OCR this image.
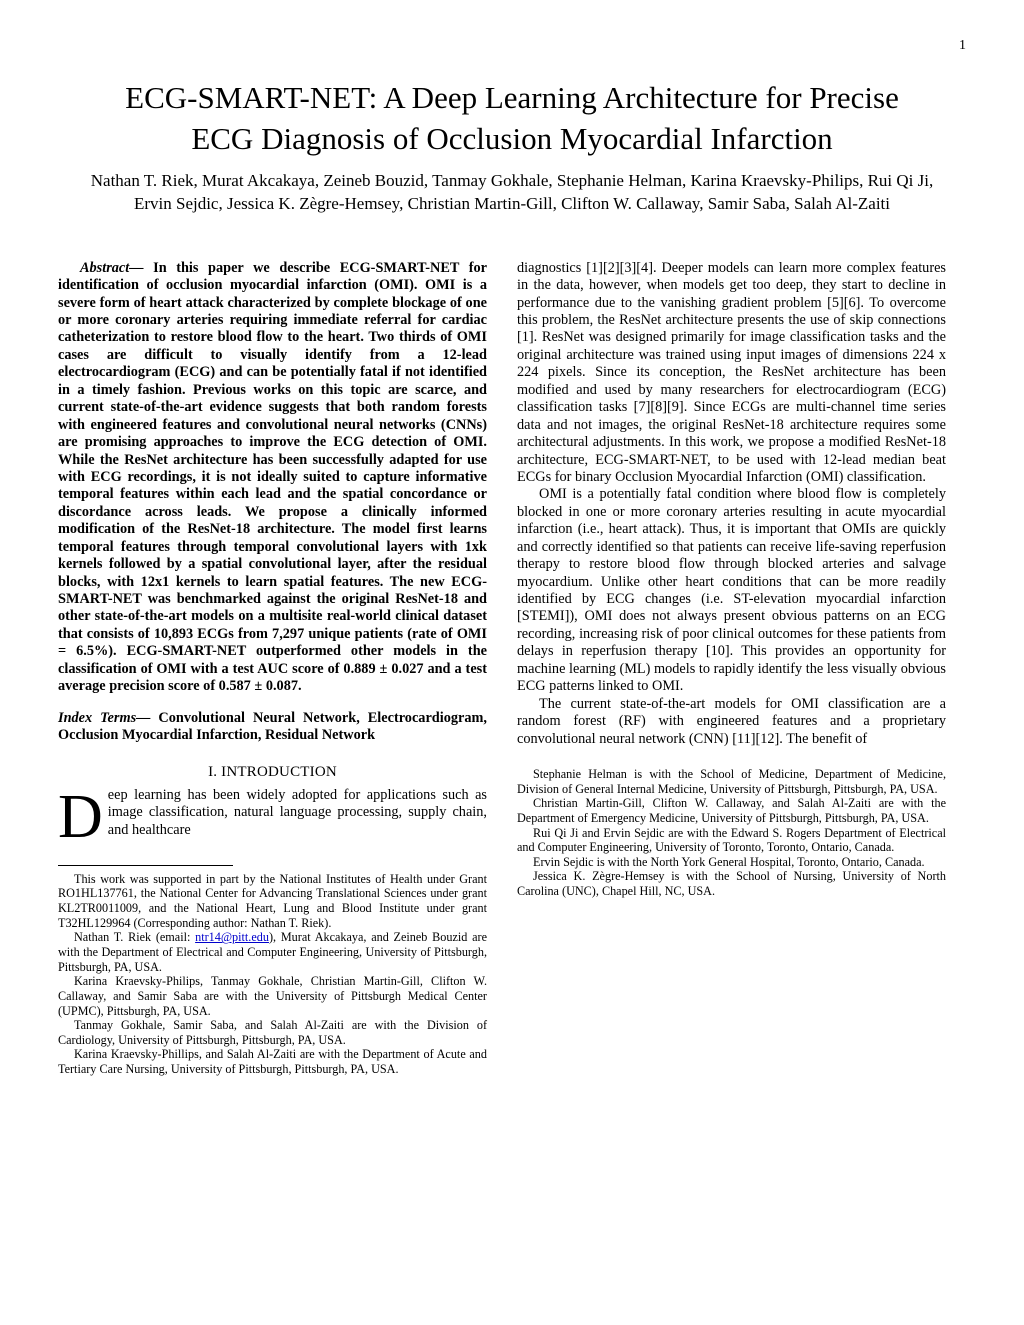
1
ECG-SMART-NET: A Deep Learning Architecture for Precise ECG Diagnosis of Occlusion Myocardial Infarction
Nathan T. Riek, Murat Akcakaya, Zeineb Bouzid, Tanmay Gokhale, Stephanie Helman, Karina Kraevsky-Philips, Rui Qi Ji, Ervin Sejdic, Jessica K. Zègre-Hemsey, Christian Martin-Gill, Clifton W. Callaway, Samir Saba, Salah Al-Zaiti
Abstract— In this paper we describe ECG-SMART-NET for identification of occlusion myocardial infarction (OMI). OMI is a severe form of heart attack characterized by complete blockage of one or more coronary arteries requiring immediate referral for cardiac catheterization to restore blood flow to the heart. Two thirds of OMI cases are difficult to visually identify from a 12-lead electrocardiogram (ECG) and can be potentially fatal if not identified in a timely fashion. Previous works on this topic are scarce, and current state-of-the-art evidence suggests that both random forests with engineered features and convolutional neural networks (CNNs) are promising approaches to improve the ECG detection of OMI. While the ResNet architecture has been successfully adapted for use with ECG recordings, it is not ideally suited to capture informative temporal features within each lead and the spatial concordance or discordance across leads. We propose a clinically informed modification of the ResNet-18 architecture. The model first learns temporal features through temporal convolutional layers with 1xk kernels followed by a spatial convolutional layer, after the residual blocks, with 12x1 kernels to learn spatial features. The new ECG-SMART-NET was benchmarked against the original ResNet-18 and other state-of-the-art models on a multisite real-world clinical dataset that consists of 10,893 ECGs from 7,297 unique patients (rate of OMI = 6.5%). ECG-SMART-NET outperformed other models in the classification of OMI with a test AUC score of 0.889 ± 0.027 and a test average precision score of 0.587 ± 0.087.
Index Terms— Convolutional Neural Network, Electrocardiogram, Occlusion Myocardial Infarction, Residual Network
I. INTRODUCTION
Deep learning has been widely adopted for applications such as image classification, natural language processing, supply chain, and healthcare

This work was supported in part by the National Institutes of Health under Grant RO1HL137761, the National Center for Advancing Translational Sciences under grant KL2TR0011009, and the National Heart, Lung and Blood Institute under grant T32HL129964 (Corresponding author: Nathan T. Riek).

Nathan T. Riek (email: ntr14@pitt.edu), Murat Akcakaya, and Zeineb Bouzid are with the Department of Electrical and Computer Engineering, University of Pittsburgh, Pittsburgh, PA, USA.

Karina Kraevsky-Philips, Tanmay Gokhale, Christian Martin-Gill, Clifton W. Callaway, and Samir Saba are with the University of Pittsburgh Medical Center (UPMC), Pittsburgh, PA, USA.

Tanmay Gokhale, Samir Saba, and Salah Al-Zaiti are with the Division of Cardiology, University of Pittsburgh, Pittsburgh, PA, USA.

Karina Kraevsky-Phillips, and Salah Al-Zaiti are with the Department of Acute and Tertiary Care Nursing, University of Pittsburgh, Pittsburgh, PA, USA.

diagnostics [1][2][3][4]. Deeper models can learn more complex features in the data, however, when models get too deep, they start to decline in performance due to the vanishing gradient problem [5][6]. To overcome this problem, the ResNet architecture presents the use of skip connections [1]. ResNet was designed primarily for image classification tasks and the original architecture was trained using input images of dimensions 224 x 224 pixels. Since its conception, the ResNet architecture has been modified and used by many researchers for electrocardiogram (ECG) classification tasks [7][8][9]. Since ECGs are multi-channel time series data and not images, the original ResNet-18 architecture requires some architectural adjustments. In this work, we propose a modified ResNet-18 architecture, ECG-SMART-NET, to be used with 12-lead median beat ECGs for binary Occlusion Myocardial Infarction (OMI) classification.

OMI is a potentially fatal condition where blood flow is completely blocked in one or more coronary arteries resulting in acute myocardial infarction (i.e., heart attack). Thus, it is important that OMIs are quickly and correctly identified so that patients can receive life-saving reperfusion therapy to restore blood flow through blocked arteries and salvage myocardium. Unlike other heart conditions that can be more readily identified by ECG changes (i.e. ST-elevation myocardial infarction [STEMI]), OMI does not always present obvious patterns on an ECG recording, increasing risk of poor clinical outcomes for these patients from delays in reperfusion therapy [10]. This provides an opportunity for machine learning (ML) models to rapidly identify the less visually obvious ECG patterns linked to OMI.

The current state-of-the-art models for OMI classification are a random forest (RF) with engineered features and a proprietary convolutional neural network (CNN) [11][12]. The benefit of

Stephanie Helman is with the School of Medicine, Department of Medicine, Division of General Internal Medicine, University of Pittsburgh, Pittsburgh, PA, USA.

Christian Martin-Gill, Clifton W. Callaway, and Salah Al-Zaiti are with the Department of Emergency Medicine, University of Pittsburgh, Pittsburgh, PA, USA.

Rui Qi Ji and Ervin Sejdic are with the Edward S. Rogers Department of Electrical and Computer Engineering, University of Toronto, Toronto, Ontario, Canada.

Ervin Sejdic is with the North York General Hospital, Toronto, Ontario, Canada.

Jessica K. Zègre-Hemsey is with the School of Nursing, University of North Carolina (UNC), Chapel Hill, NC, USA.
